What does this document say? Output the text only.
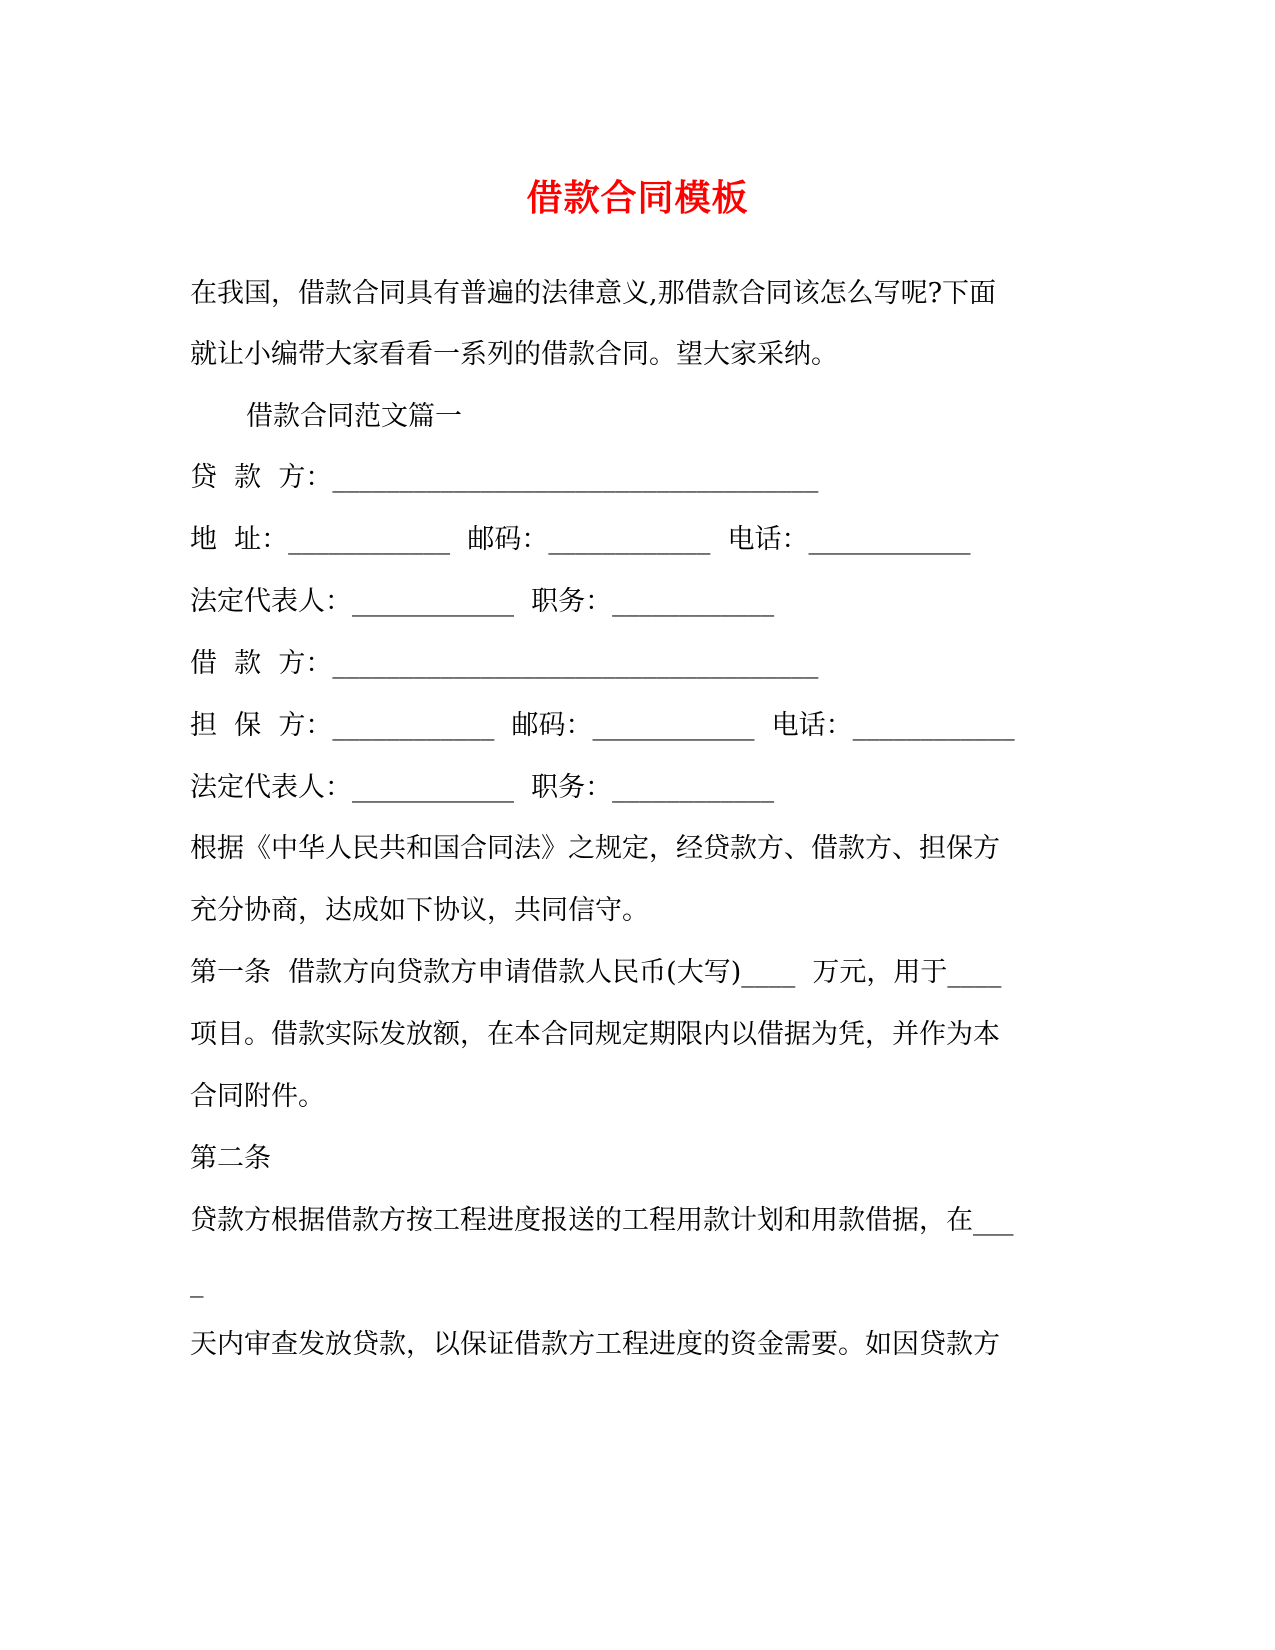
借款合同模板
在我国，借款合同具有普遍的法律意义,那借款合同该怎么写呢?下面
就让小编带大家看看一系列的借款合同。望大家采纳。
借款合同范文篇一
贷  款  方：____________________________________
地  址：____________  邮码：____________  电话：____________
法定代表人：____________  职务：____________
借  款  方：____________________________________
担  保  方：____________  邮码：____________  电话：____________
法定代表人：____________  职务：____________
根据《中华人民共和国合同法》之规定，经贷款方、借款方、担保方
充分协商，达成如下协议，共同信守。
第一条  借款方向贷款方申请借款人民币(大写)____  万元，用于____
项目。借款实际发放额，在本合同规定期限内以借据为凭，并作为本
合同附件。
第二条
贷款方根据借款方按工程进度报送的工程用款计划和用款借据，在___
_
天内审查发放贷款，以保证借款方工程进度的资金需要。如因贷款方
